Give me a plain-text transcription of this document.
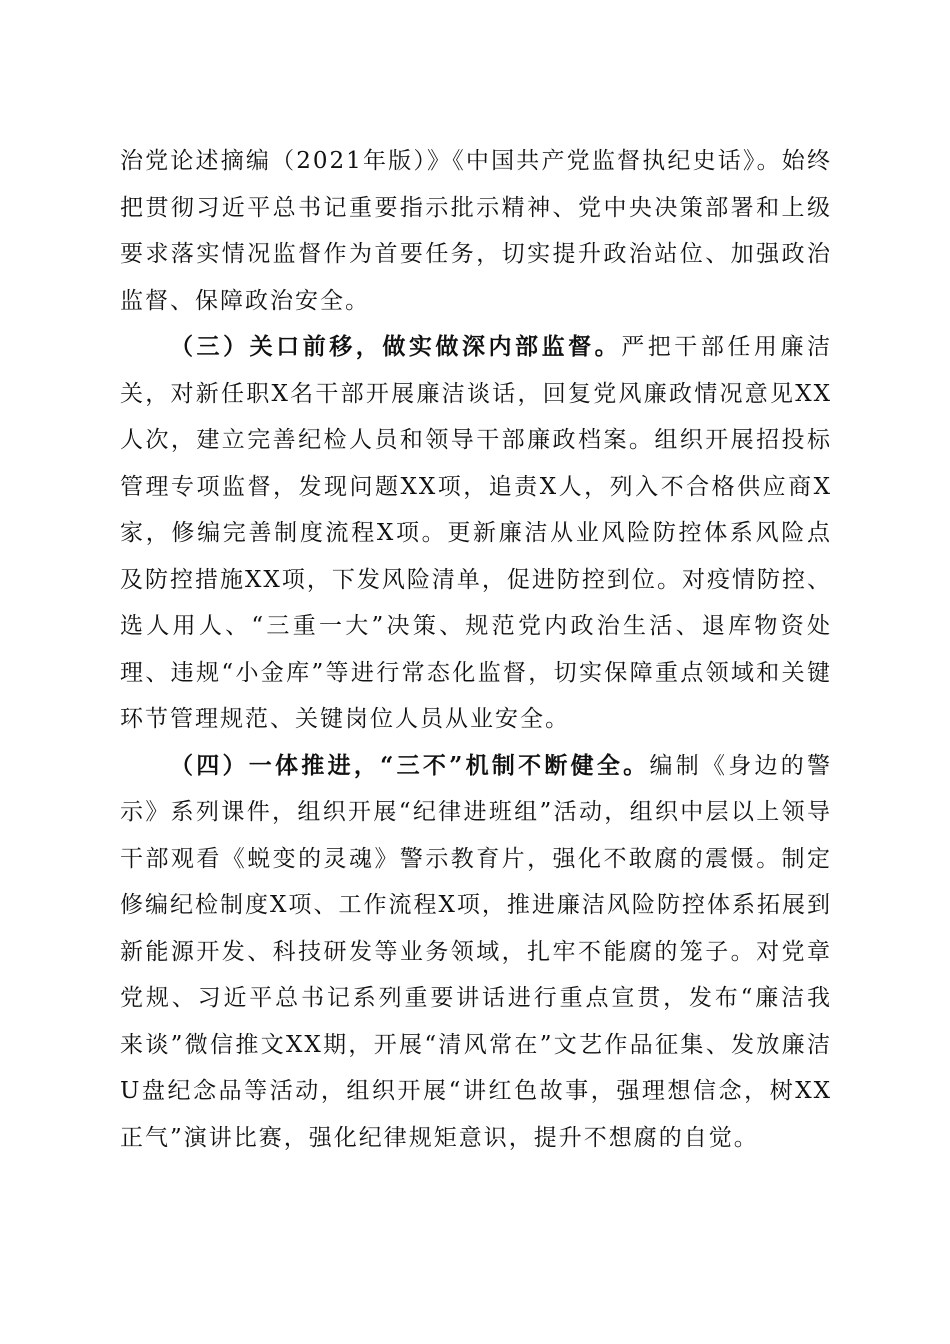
治党论述摘编（2021年版）》《中国共产党监督执纪史话》。始终把贯彻习近平总书记重要指示批示精神、党中央决策部署和上级要求落实情况监督作为首要任务，切实提升政治站位、加强政治监督、保障政治安全。

（三）关口前移，做实做深内部监督。严把干部任用廉洁关，对新任职X名干部开展廉洁谈话，回复党风廉政情况意见XX人次，建立完善纪检人员和领导干部廉政档案。组织开展招投标管理专项监督，发现问题XX项，追责X人，列入不合格供应商X家，修编完善制度流程X项。更新廉洁从业风险防控体系风险点及防控措施XX项，下发风险清单，促进防控到位。对疫情防控、选人用人、“三重一大”决策、规范党内政治生活、退库物资处理、违规“小金库”等进行常态化监督，切实保障重点领域和关键环节管理规范、关键岗位人员从业安全。

（四）一体推进，“三不”机制不断健全。编制《身边的警示》系列课件，组织开展“纪律进班组”活动，组织中层以上领导干部观看《蜕变的灵魂》警示教育片，强化不敢腐的震慑。制定修编纪检制度X项、工作流程X项，推进廉洁风险防控体系拓展到新能源开发、科技研发等业务领域，扎牢不能腐的笼子。对党章党规、习近平总书记系列重要讲话进行重点宣贯，发布“廉洁我来谈”微信推文XX期，开展“清风常在”文艺作品征集、发放廉洁U盘纪念品等活动，组织开展“讲红色故事，强理想信念，树XX正气”演讲比赛，强化纪律规矩意识，提升不想腐的自觉。
